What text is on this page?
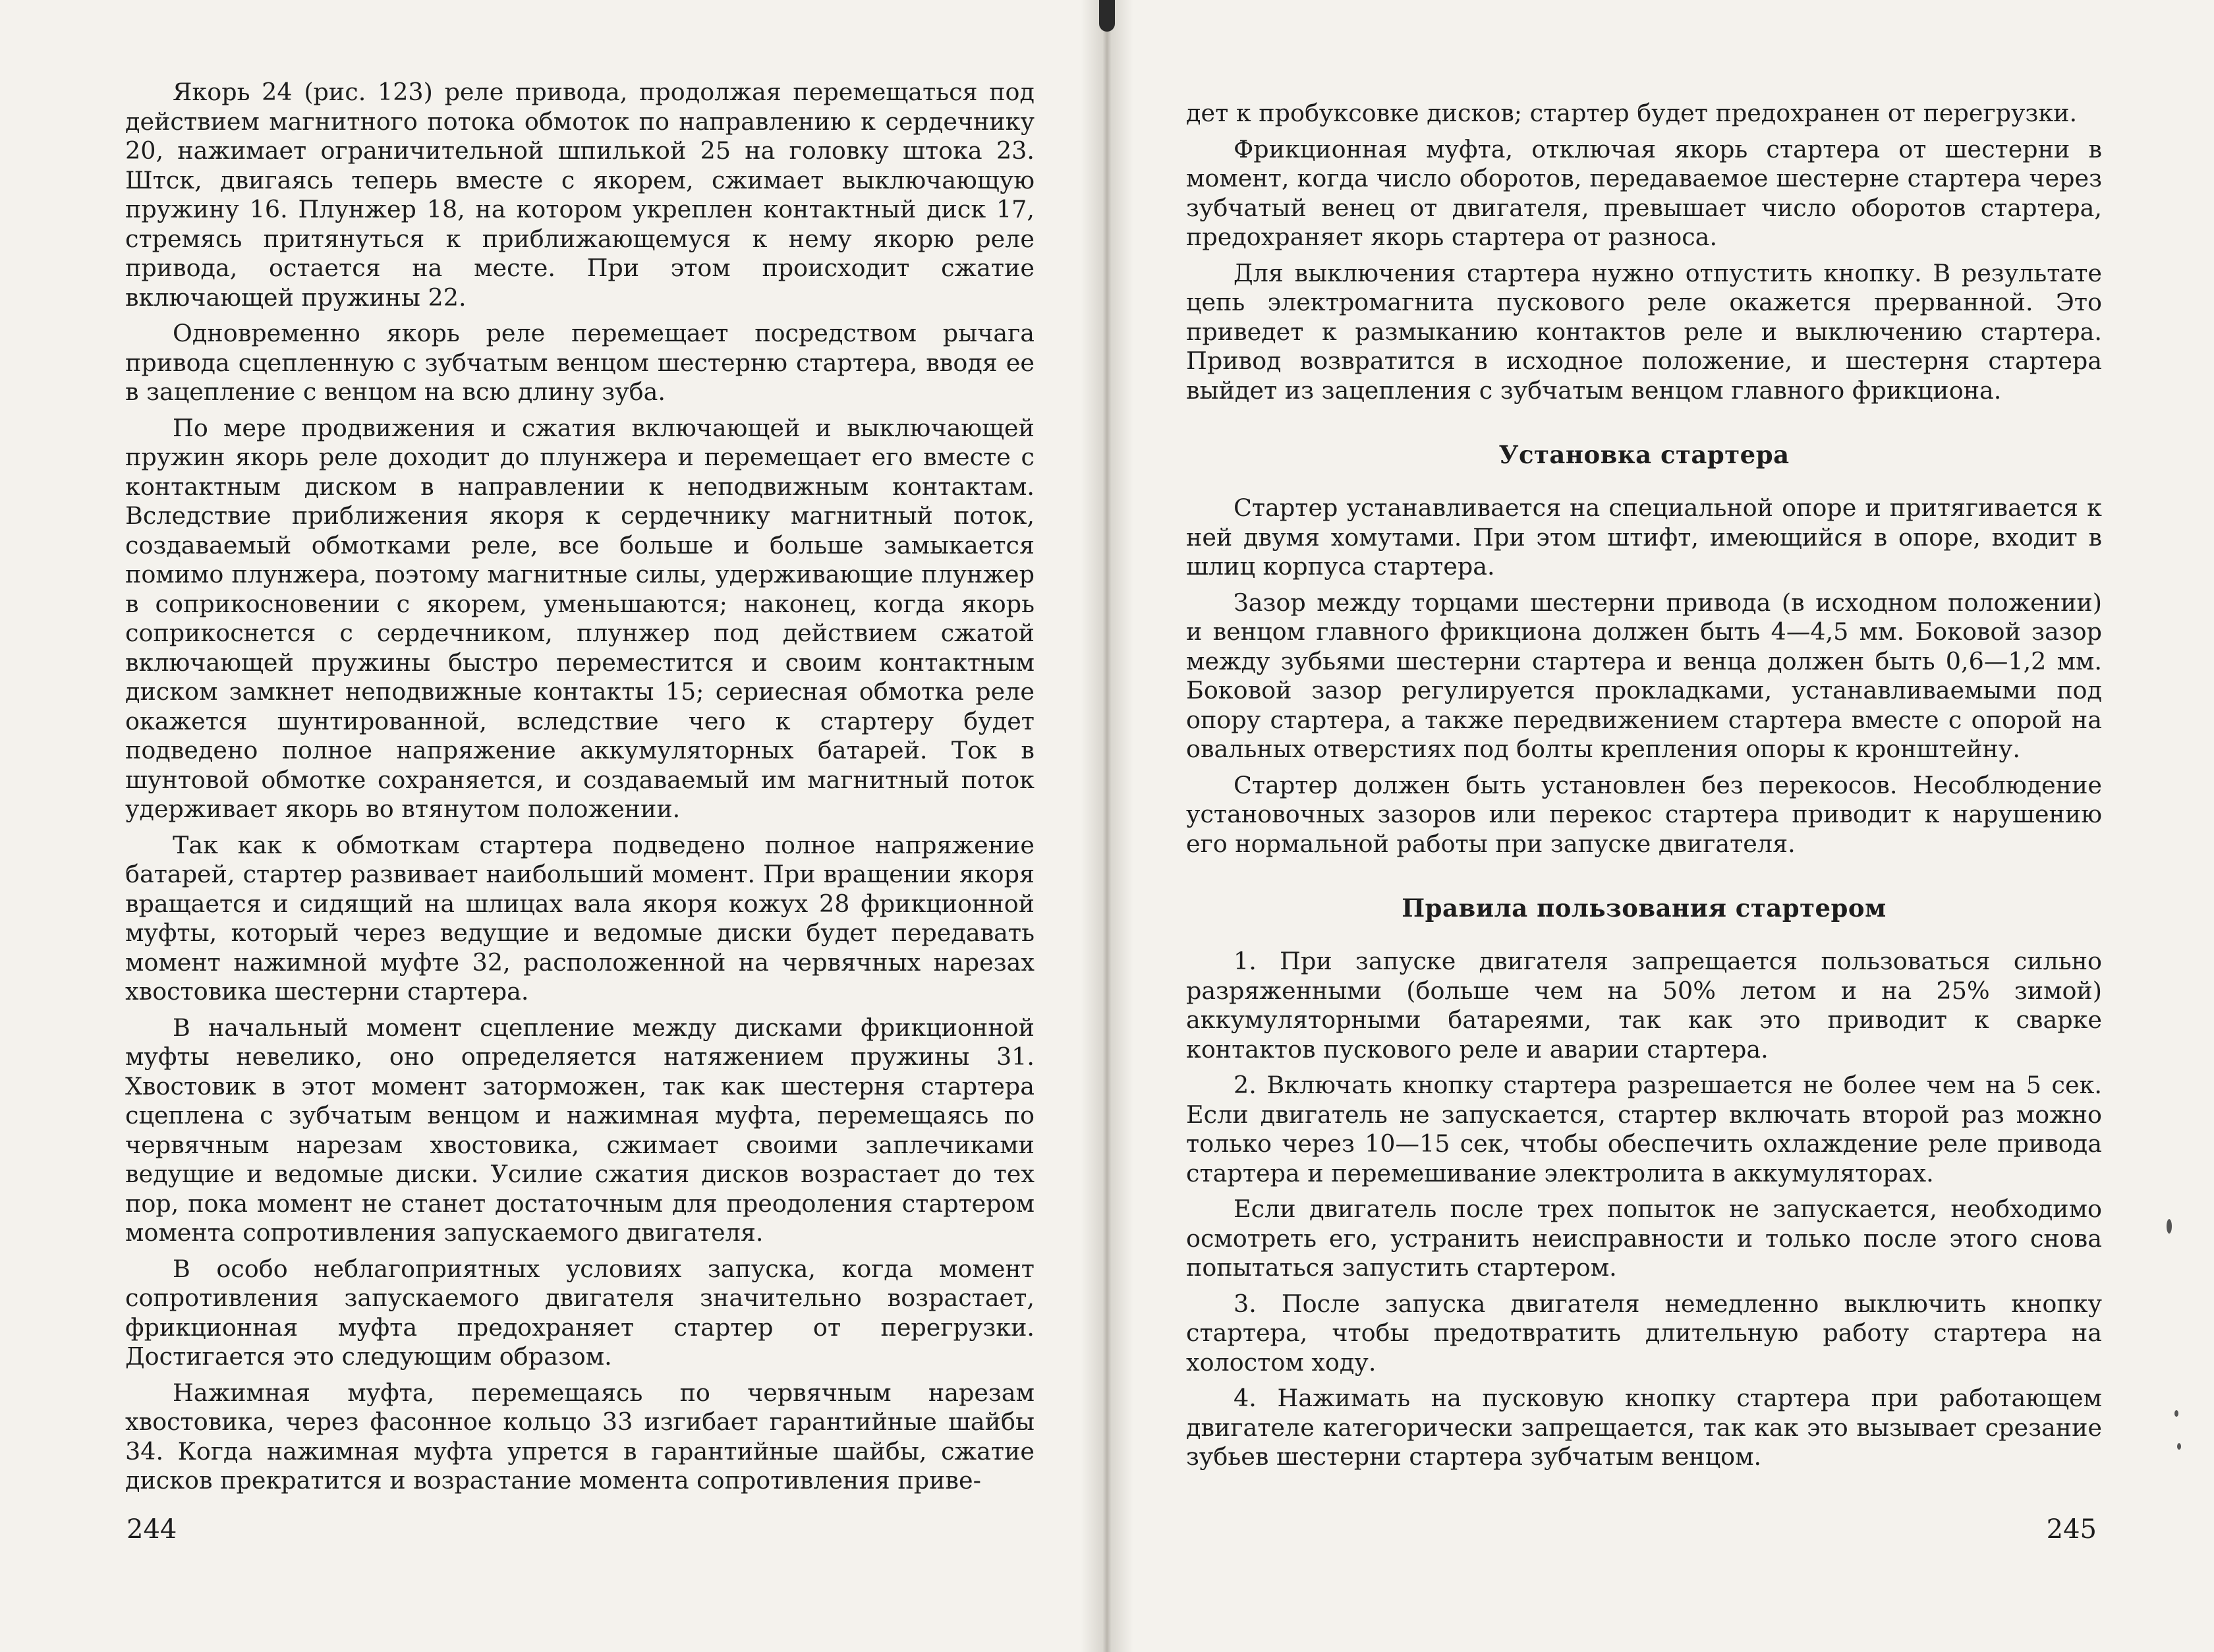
Якорь 24 (рис. 123) реле привода, продолжая перемещаться под действием магнитного потока обмоток по направлению к сердечнику 20, нажимает ограничительной шпилькой 25 на головку штока 23. Штск, двигаясь теперь вместе с якорем, сжимает выключающую пружину 16. Плунжер 18, на котором укреплен контактный диск 17, стремясь притянуться к приближающемуся к нему якорю реле привода, остается на месте. При этом происходит сжатие включающей пружины 22.

Одновременно якорь реле перемещает посредством рычага привода сцепленную с зубчатым венцом шестерню стартера, вводя ее в зацепление с венцом на всю длину зуба.

По мере продвижения и сжатия включающей и выключающей пружин якорь реле доходит до плунжера и перемещает его вместе с контактным диском в направлении к неподвижным контактам. Вследствие приближения якоря к сердечнику магнитный поток, создаваемый обмотками реле, все больше и больше замыкается помимо плунжера, поэтому магнитные силы, удерживающие плунжер в соприкосновении с якорем, уменьшаются; наконец, когда якорь соприкоснется с сердечником, плунжер под действием сжатой включающей пружины быстро переместится и своим контактным диском замкнет неподвижные контакты 15; сериесная обмотка реле окажется шунтированной, вследствие чего к стартеру будет подведено полное напряжение аккумуляторных батарей. Ток в шунтовой обмотке сохраняется, и создаваемый им магнитный поток удерживает якорь во втянутом положении.

Так как к обмоткам стартера подведено полное напряжение батарей, стартер развивает наибольший момент. При вращении якоря вращается и сидящий на шлицах вала якоря кожух 28 фрикционной муфты, который через ведущие и ведомые диски будет передавать момент нажимной муфте 32, расположенной на червячных нарезах хвостовика шестерни стартера.

В начальный момент сцепление между дисками фрикционной муфты невелико, оно определяется натяжением пружины 31. Хвостовик в этот момент заторможен, так как шестерня стартера сцеплена с зубчатым венцом и нажимная муфта, перемещаясь по червячным нарезам хвостовика, сжимает своими заплечиками ведущие и ведомые диски. Усилие сжатия дисков возрастает до тех пор, пока момент не станет достаточным для преодоления стартером момента сопротивления запускаемого двигателя.

В особо неблагоприятных условиях запуска, когда момент сопротивления запускаемого двигателя значительно возрастает, фрикционная муфта предохраняет стартер от перегрузки. Достигается это следующим образом.

Нажимная муфта, перемещаясь по червячным нарезам хвостовика, через фасонное кольцо 33 изгибает гарантийные шайбы 34. Когда нажимная муфта упрется в гарантийные шайбы, сжатие дисков прекратится и возрастание момента сопротивления приве-

244

дет к пробуксовке дисков; стартер будет предохранен от перегрузки.

Фрикционная муфта, отключая якорь стартера от шестерни в момент, когда число оборотов, передаваемое шестерне стартера через зубчатый венец от двигателя, превышает число оборотов стартера, предохраняет якорь стартера от разноса.

Для выключения стартера нужно отпустить кнопку. В результате цепь электромагнита пускового реле окажется прерванной. Это приведет к размыканию контактов реле и выключению стартера. Привод возвратится в исходное положение, и шестерня стартера выйдет из зацепления с зубчатым венцом главного фрикциона.

Установка стартера

Стартер устанавливается на специальной опоре и притягивается к ней двумя хомутами. При этом штифт, имеющийся в опоре, входит в шлиц корпуса стартера.

Зазор между торцами шестерни привода (в исходном положении) и венцом главного фрикциона должен быть 4—4,5 мм. Боковой зазор между зубьями шестерни стартера и венца должен быть 0,6—1,2 мм. Боковой зазор регулируется прокладками, устанавливаемыми под опору стартера, а также передвижением стартера вместе с опорой на овальных отверстиях под болты крепления опоры к кронштейну.

Стартер должен быть установлен без перекосов. Несоблюдение установочных зазоров или перекос стартера приводит к нарушению его нормальной работы при запуске двигателя.

Правила пользования стартером

1. При запуске двигателя запрещается пользоваться сильно разряженными (больше чем на 50% летом и на 25% зимой) аккумуляторными батареями, так как это приводит к сварке контактов пускового реле и аварии стартера.

2. Включать кнопку стартера разрешается не более чем на 5 сек. Если двигатель не запускается, стартер включать второй раз можно только через 10—15 сек, чтобы обеспечить охлаждение реле привода стартера и перемешивание электролита в аккумуляторах.

Если двигатель после трех попыток не запускается, необходимо осмотреть его, устранить неисправности и только после этого снова попытаться запустить стартером.

3. После запуска двигателя немедленно выключить кнопку стартера, чтобы предотвратить длительную работу стартера на холостом ходу.

4. Нажимать на пусковую кнопку стартера при работающем двигателе категорически запрещается, так как это вызывает срезание зубьев шестерни стартера зубчатым венцом.

245
